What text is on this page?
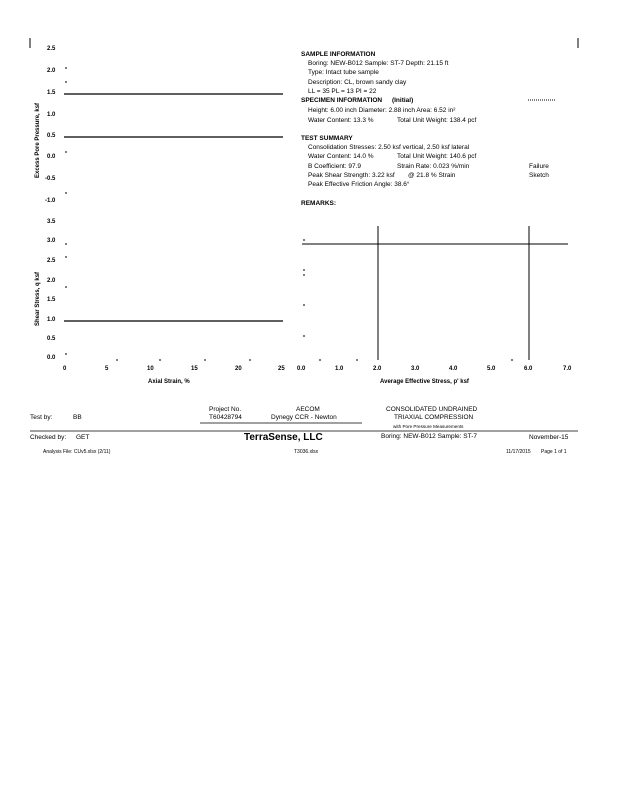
Excess Pore Pressure, ksf
2.5
2.0
1.5
1.0
0.5
0.0
-0.5
-1.0
Shear Stress, q ksf
3.5
3.0
2.5
2.0
1.5
1.0
0.5
0.0
0	5	10	15	20	25
Axial Strain, %
0.0	1.0	2.0	3.0	4.0	5.0	6.0	7.0
Average Effective Stress, p' ksf
SAMPLE INFORMATION
Boring: NEW-B012 Sample: ST-7 Depth: 21.15 ft
Type: Intact tube sample
Description: CL, brown sandy clay
LL = 35 PL = 13 PI = 22
SPECIMEN INFORMATION (Initial)
Height: 6.00 inch Diameter: 2.88 inch Area: 6.52 in²
Water Content: 13.3 %	Total Unit Weight: 138.4 pcf
TEST SUMMARY
Consolidation Stresses: 2.50 ksf vertical, 2.50 ksf lateral
Water Content: 14.0 %	Total Unit Weight: 140.6 pcf
B Coefficient: 97.9	Strain Rate: 0.023 %/min
Peak Shear Strength: 3.22 ksf @ 21.8 % Strain
Peak Effective Friction Angle: 38.6°
Failure
Sketch
REMARKS:
Test by:	BB
Checked by: GET
Project No.
T60428794
AECOM
Dynegy CCR - Newton
TerraSense, LLC
CONSOLIDATED UNDRAINED
TRIAXIAL COMPRESSION
with Pore Pressure Measurements
Boring: NEW-B012 Sample: ST-7	November-15
Analysis File: CUv5.xlsx (2/11)	T3036.xlsx	11/17/2015 Page 1 of 1
